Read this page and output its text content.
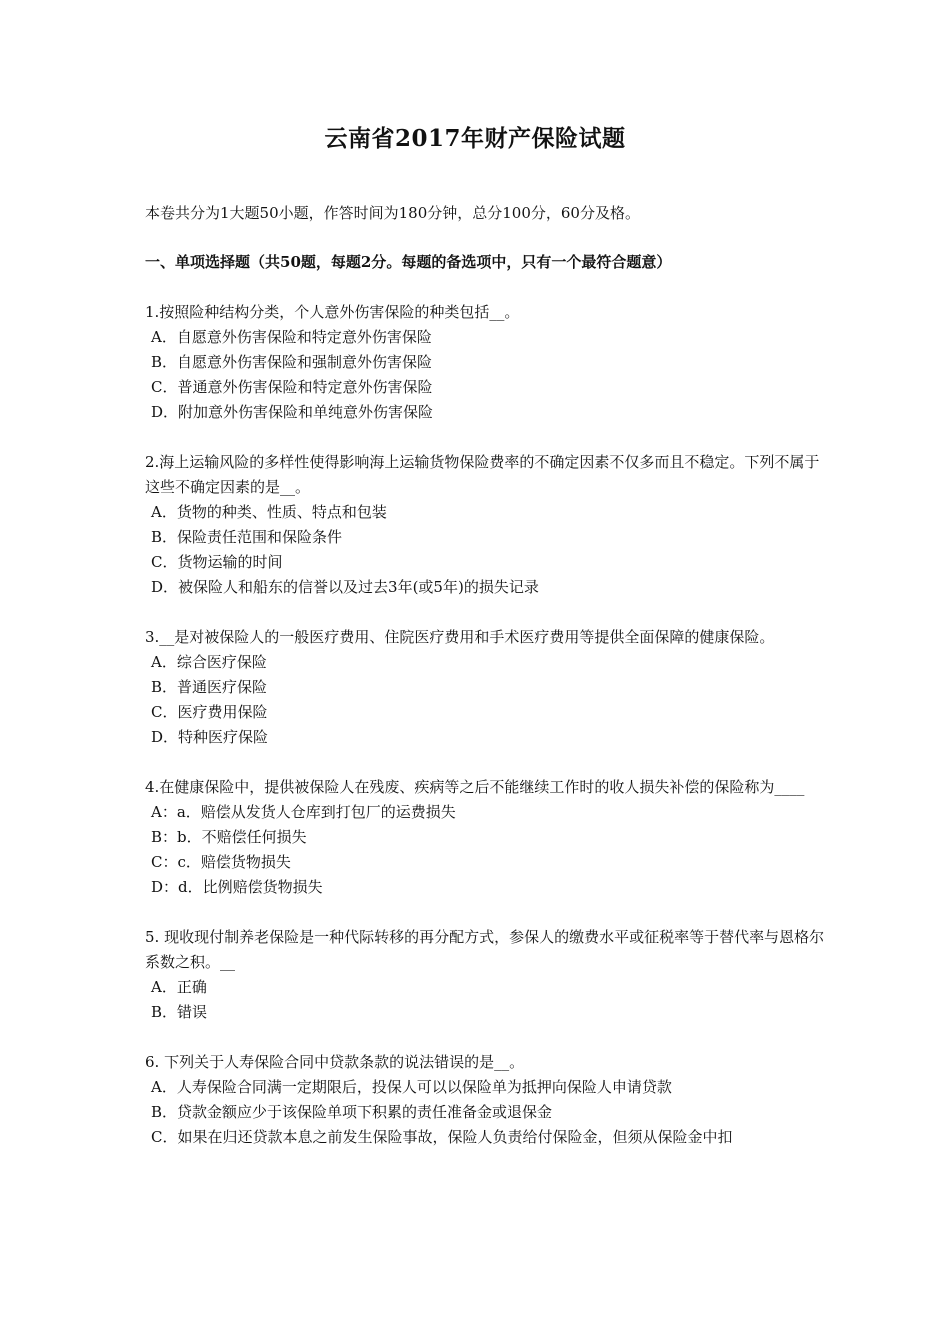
云南省2017年财产保险试题
本卷共分为1大题50小题，作答时间为180分钟，总分100分，60分及格。
一、单项选择题（共50题，每题2分。每题的备选项中，只有一个最符合题意）
1.按照险种结构分类，个人意外伤害保险的种类包括__。
A．自愿意外伤害保险和特定意外伤害保险
B．自愿意外伤害保险和强制意外伤害保险
C．普通意外伤害保险和特定意外伤害保险
D．附加意外伤害保险和单纯意外伤害保险
2.海上运输风险的多样性使得影响海上运输货物保险费率的不确定因素不仅多而且不稳定。下列不属于这些不确定因素的是__。
A．货物的种类、性质、特点和包装
B．保险责任范围和保险条件
C．货物运输的时间
D．被保险人和船东的信誉以及过去3年(或5年)的损失记录
3.__是对被保险人的一般医疗费用、住院医疗费用和手术医疗费用等提供全面保障的健康保险。
A．综合医疗保险
B．普通医疗保险
C．医疗费用保险
D．特种医疗保险
4.在健康保险中，提供被保险人在残废、疾病等之后不能继续工作时的收人损失补偿的保险称为____
A：a．赔偿从发货人仓库到打包厂的运费损失
B：b．不赔偿任何损失
C：c．赔偿货物损失
D：d．比例赔偿货物损失
5. 现收现付制养老保险是一种代际转移的再分配方式，参保人的缴费水平或征税率等于替代率与恩格尔系数之积。__
A．正确
B．错误
6. 下列关于人寿保险合同中贷款条款的说法错误的是__。
A．人寿保险合同满一定期限后，投保人可以以保险单为抵押向保险人申请贷款
B．贷款金额应少于该保险单项下积累的责任准备金或退保金
C．如果在归还贷款本息之前发生保险事故，保险人负责给付保险金，但须从保险金中扣
